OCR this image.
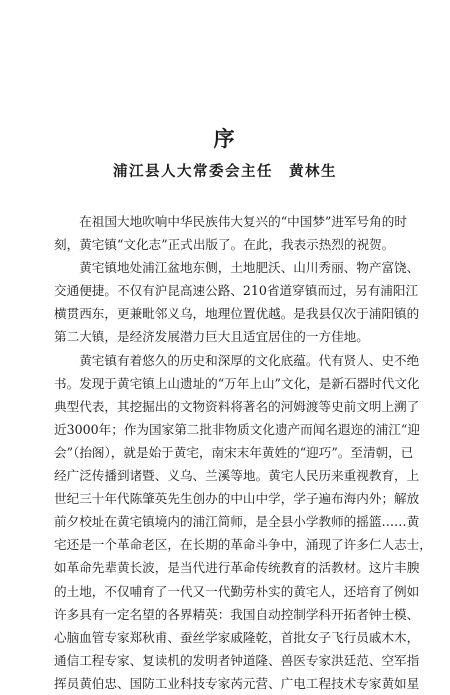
序
浦江县人大常委会主任　黄林生
　　在祖国大地吹响中华民族伟大复兴的“中国梦”进军号角的时
刻，黄宅镇“文化志”正式出版了。在此，我表示热烈的祝贺。
　　黄宅镇地处浦江盆地东侧，土地肥沃、山川秀丽、物产富饶、
交通便捷。不仅有沪昆高速公路、210省道穿镇而过，另有浦阳江
横贯西东，更兼毗邻义乌，地理位置优越。是我县仅次于浦阳镇的
第二大镇，是经济发展潜力巨大且适宜居住的一方佳地。
　　黄宅镇有着悠久的历史和深厚的文化底蕴。代有贤人、史不绝
书。发现于黄宅镇上山遗址的“万年上山”文化，是新石器时代文化
典型代表，其挖掘出的文物资料将著名的河姆渡等史前文明上溯了
近3000年；作为国家第二批非物质文化遗产而闻名遐迩的浦江“迎
会”（抬阁），就是始于黄宅，南宋末年黄姓的“迎巧”。至清朝，已
经广泛传播到诸暨、义乌、兰溪等地。黄宅人民历来重视教育，上
世纪三十年代陈肇英先生创办的中山中学，学子遍布海内外；解放
前夕校址在黄宅镇境内的浦江简师，是全县小学教师的摇篮……黄
宅还是一个革命老区，在长期的革命斗争中，涌现了许多仁人志士，
如革命先辈黄长波，是当代进行革命传统教育的活教材。这片丰腴
的土地，不仅哺育了一代又一代勤劳朴实的黄宅人，还培育了例如
许多具有一定名望的各界精英：我国自动控制学科开拓者钟士模、
心脑血管专家郑秋甫、蚕丝学家戚隆乾，首批女子飞行员戚木木，
通信工程专家、复读机的发明者钟道隆、兽医专家洪廷范、空军指
挥员黄伯忠、国防工业科技专家芮元营、广电工程技术专家黄如星
